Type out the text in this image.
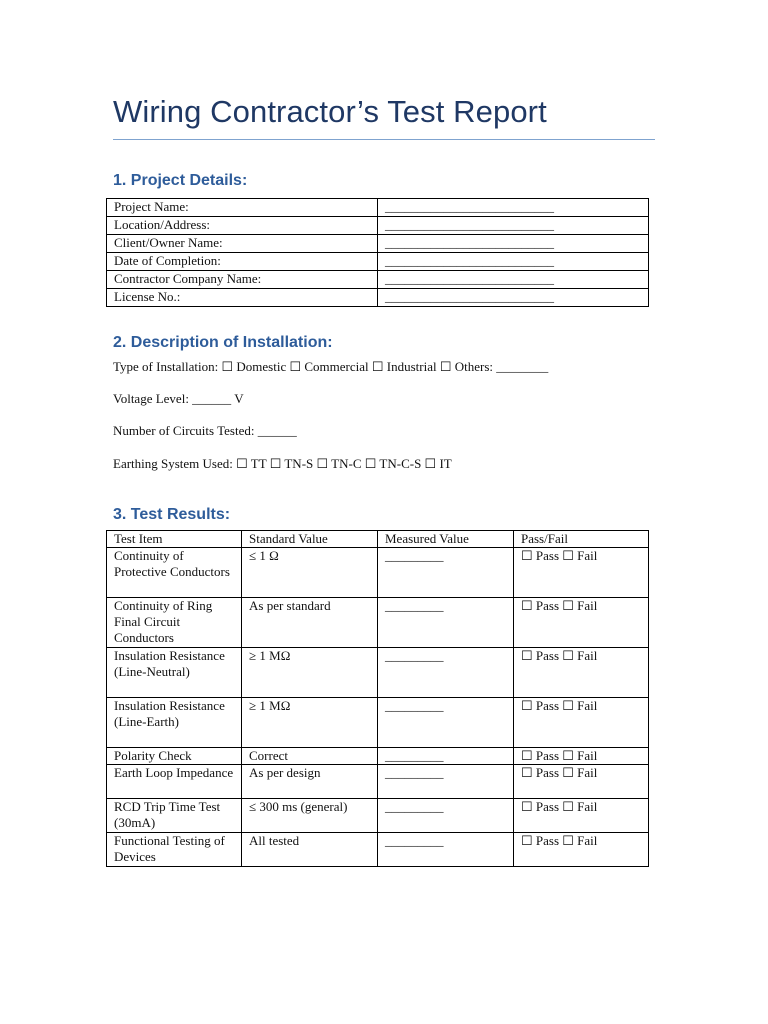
Wiring Contractor’s Test Report
1. Project Details:
Project Name:	__________________________
Location/Address:	__________________________
Client/Owner Name:	__________________________
Date of Completion:	__________________________
Contractor Company Name:	__________________________
License No.:	__________________________
2. Description of Installation:
Type of Installation: ☐ Domestic ☐ Commercial ☐ Industrial ☐ Others: ________
Voltage Level: ______ V
Number of Circuits Tested: ______
Earthing System Used: ☐ TT ☐ TN-S ☐ TN-C ☐ TN-C-S ☐ IT
3. Test Results:
Test Item	Standard Value	Measured Value	Pass/Fail
Continuity of Protective Conductors	≤ 1 Ω	_________	☐ Pass ☐ Fail
Continuity of Ring Final Circuit Conductors	As per standard	_________	☐ Pass ☐ Fail
Insulation Resistance (Line-Neutral)	≥ 1 MΩ	_________	☐ Pass ☐ Fail
Insulation Resistance (Line-Earth)	≥ 1 MΩ	_________	☐ Pass ☐ Fail
Polarity Check	Correct	_________	☐ Pass ☐ Fail
Earth Loop Impedance	As per design	_________	☐ Pass ☐ Fail
RCD Trip Time Test (30mA)	≤ 300 ms (general)	_________	☐ Pass ☐ Fail
Functional Testing of Devices	All tested	_________	☐ Pass ☐ Fail
